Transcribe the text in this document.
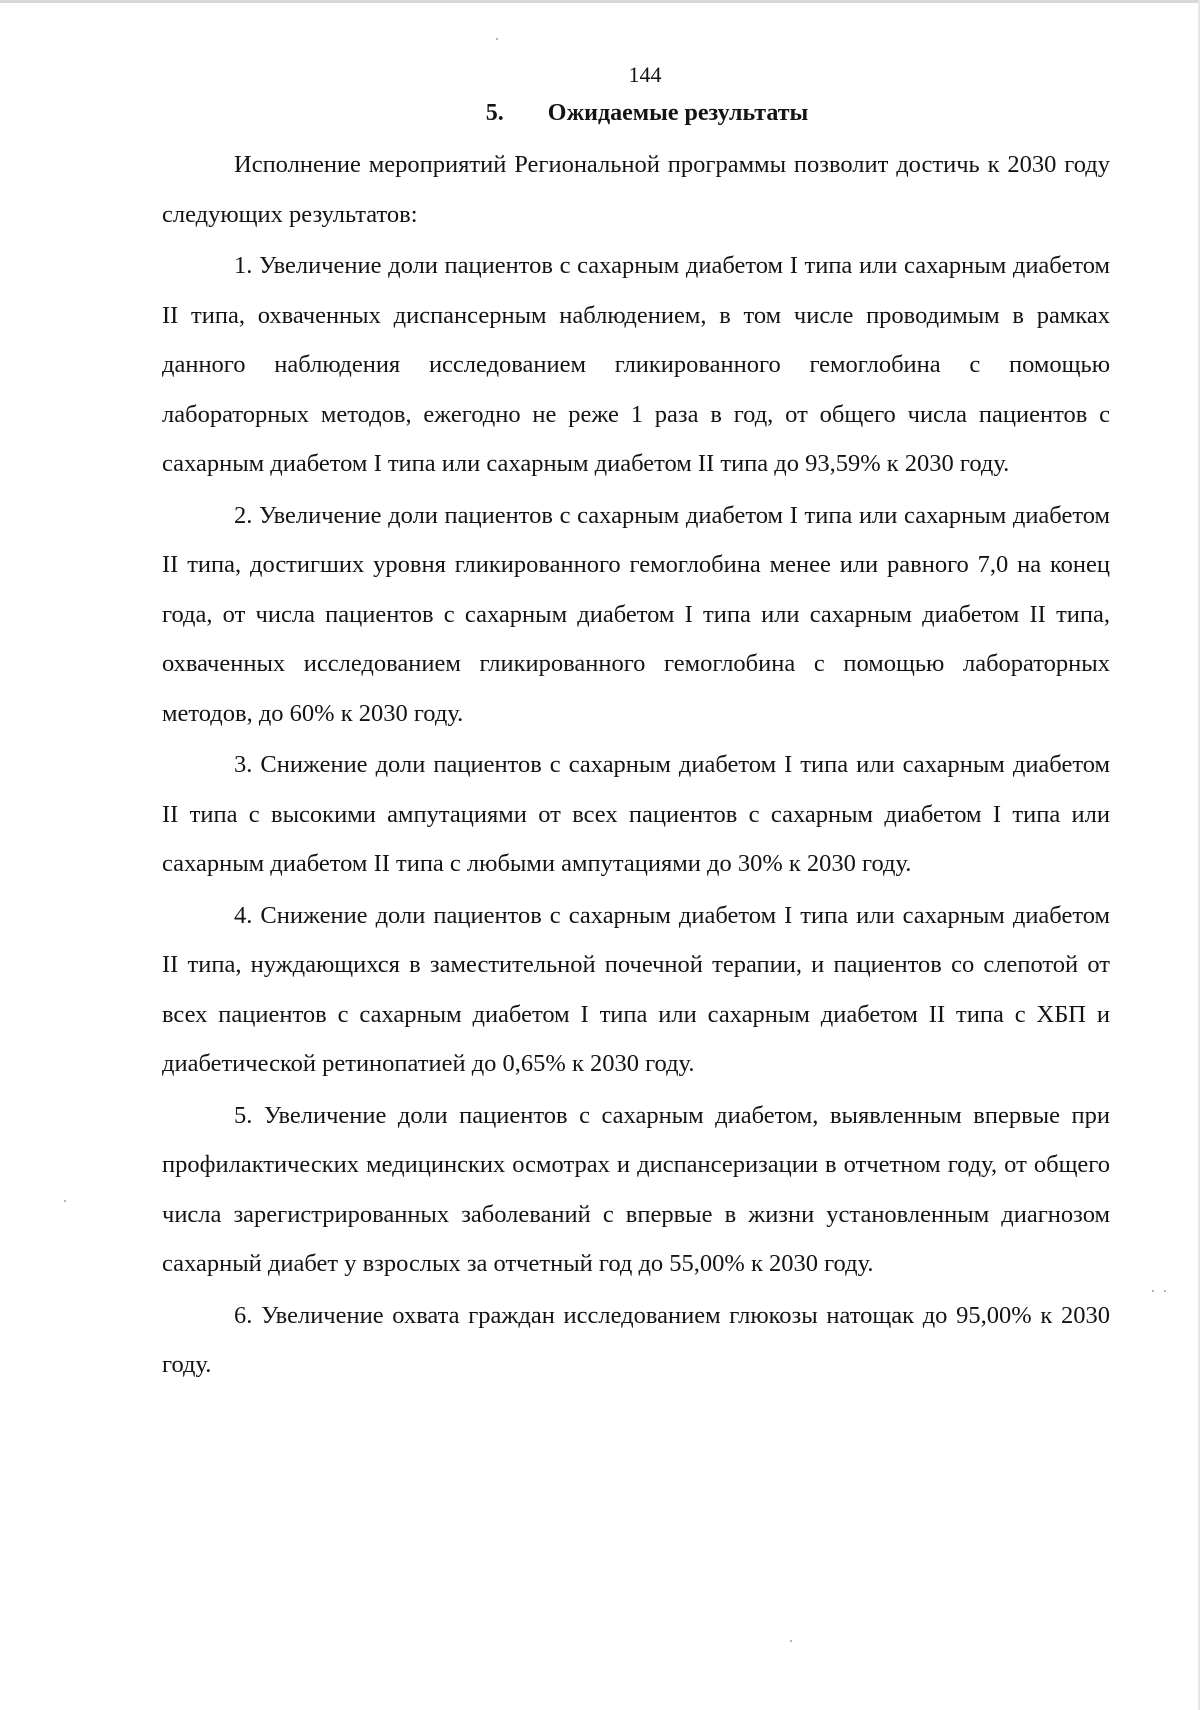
144
5. Ожидаемые результаты

Исполнение мероприятий Региональной программы позволит достичь к 2030 году следующих результатов:

1. Увеличение доли пациентов с сахарным диабетом I типа или сахарным диабетом II типа, охваченных диспансерным наблюдением, в том числе проводимым в рамках данного наблюдения исследованием гликированного гемоглобина с помощью лабораторных методов, ежегодно не реже 1 раза в год, от общего числа пациентов с сахарным диабетом I типа или сахарным диабетом II типа до 93,59% к 2030 году.

2. Увеличение доли пациентов с сахарным диабетом I типа или сахарным диабетом II типа, достигших уровня гликированного гемоглобина менее или равного 7,0 на конец года, от числа пациентов с сахарным диабетом I типа или сахарным диабетом II типа, охваченных исследованием гликированного гемоглобина с помощью лабораторных методов, до 60% к 2030 году.

3. Снижение доли пациентов с сахарным диабетом I типа или сахарным диабетом II типа с высокими ампутациями от всех пациентов с сахарным диабетом I типа или сахарным диабетом II типа с любыми ампутациями до 30% к 2030 году.

4. Снижение доли пациентов с сахарным диабетом I типа или сахарным диабетом II типа, нуждающихся в заместительной почечной терапии, и пациентов со слепотой от всех пациентов с сахарным диабетом I типа или сахарным диабетом II типа с ХБП и диабетической ретинопатией до 0,65% к 2030 году.

5. Увеличение доли пациентов с сахарным диабетом, выявленным впервые при профилактических медицинских осмотрах и диспансеризации в отчетном году, от общего числа зарегистрированных заболеваний с впервые в жизни установленным диагнозом сахарный диабет у взрослых за отчетный год до 55,00% к 2030 году.

6. Увеличение охвата граждан исследованием глюкозы натощак до 95,00% к 2030 году.
